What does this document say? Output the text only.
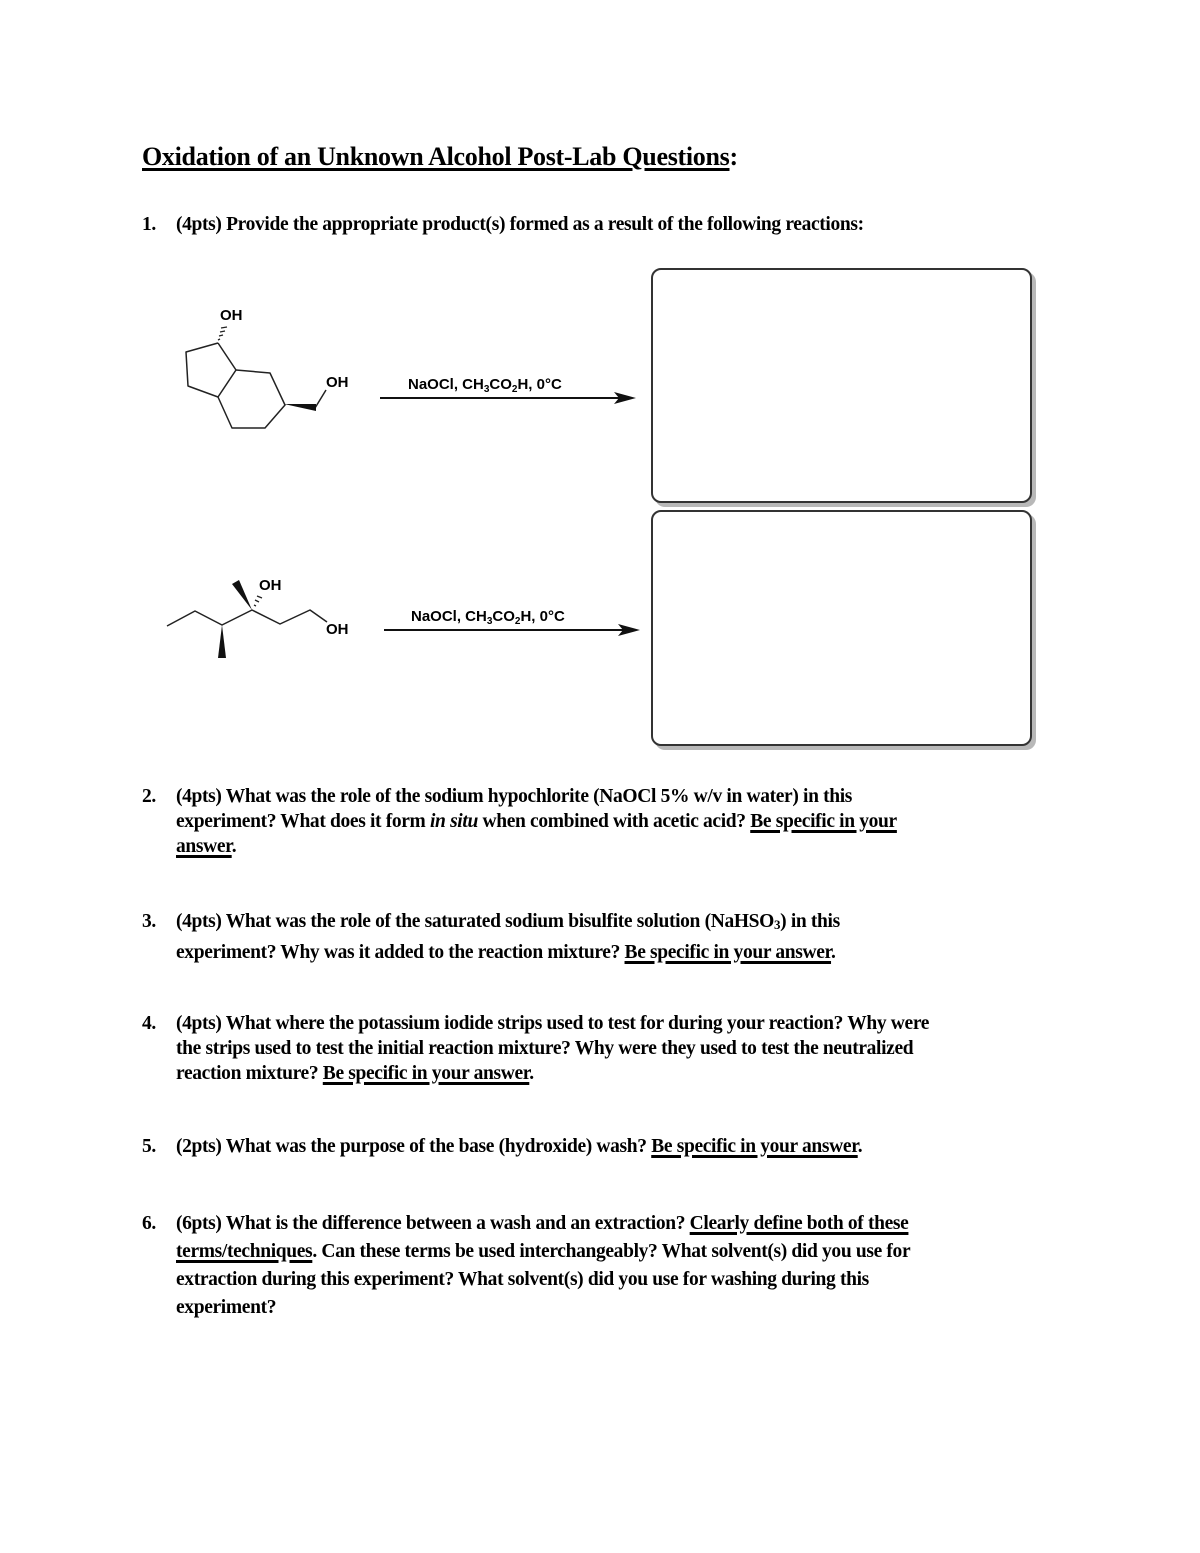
Oxidation of an Unknown Alcohol Post-Lab Questions:
1. (4pts) Provide the appropriate product(s) formed as a result of the following reactions:
OH
OH	NaOCl, $CH_3CO_2H$, 0°C
OH
OH
NaOCl, $CH_3CO_2H$, 0°C
2. (4pts) What was the role of the sodium hypochlorite (NaOCl 5% w/v in water) in this
experiment? What does it form in situ when combined with acetic acid? Be specific in your
answer.
3. (4pts) What was the role of the saturated sodium bisulfite solution (NaHSO3) in this
experiment? Why was it added to the reaction mixture? Be specific in your answer.
4. (4pts) What where the potassium iodide strips used to test for during your reaction? Why were
the strips used to test the initial reaction mixture? Why were they used to test the neutralized
reaction mixture? Be specific in your answer.
5. (2pts) What was the purpose of the base (hydroxide) wash? Be specific in your answer.
6. (6pts) What is the difference between a wash and an extraction? Clearly define both of these
terms/techniques. Can these terms be used interchangeably? What solvent(s) did you use for
extraction during this experiment? What solvent(s) did you use for washing during this
experiment?
